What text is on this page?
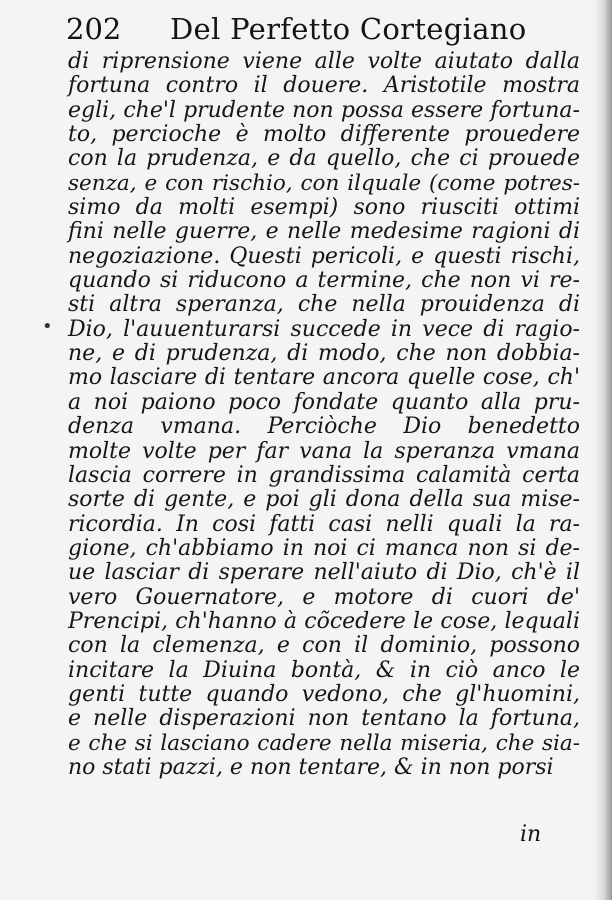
202 Del Perfetto Cortegiano
•
di riprensione viene alle volte aiutato dalla
fortuna contro il douere. Aristotile mostra
egli, che'l prudente non possa essere fortuna-
to, percioche è molto differente prouedere
con la prudenza, e da quello, che ci prouede
senza, e con rischio, con ilquale (come potres-
simo da molti esempi) sono riusciti ottimi
fini nelle guerre, e nelle medesime ragioni di
negoziazione. Questi pericoli, e questi rischi,
quando si riducono a termine, che non vi re-
sti altra speranza, che nella prouidenza di
Dio, l'auuenturarsi succede in vece di ragio-
ne, e di prudenza, di modo, che non dobbia-
mo lasciare di tentare ancora quelle cose, ch'
a noi paiono poco fondate quanto alla pru-
denza vmana. Perciòche Dio benedetto
molte volte per far vana la speranza vmana
lascia correre in grandissima calamità certa
sorte di gente, e poi gli dona della sua mise-
ricordia. In cosi fatti casi nelli quali la ra-
gione, ch'abbiamo in noi ci manca non si de-
ue lasciar di sperare nell'aiuto di Dio, ch'è il
vero Gouernatore, e motore di cuori de'
Prencipi, ch'hanno à cõcedere le cose, lequali
con la clemenza, e con il dominio, possono
incitare la Diuina bontà, & in ciò anco le
genti tutte quando vedono, che gl'huomini,
e nelle disperazioni non tentano la fortuna,
e che si lasciano cadere nella miseria, che sia-
no stati pazzi, e non tentare, & in non porsi
in
